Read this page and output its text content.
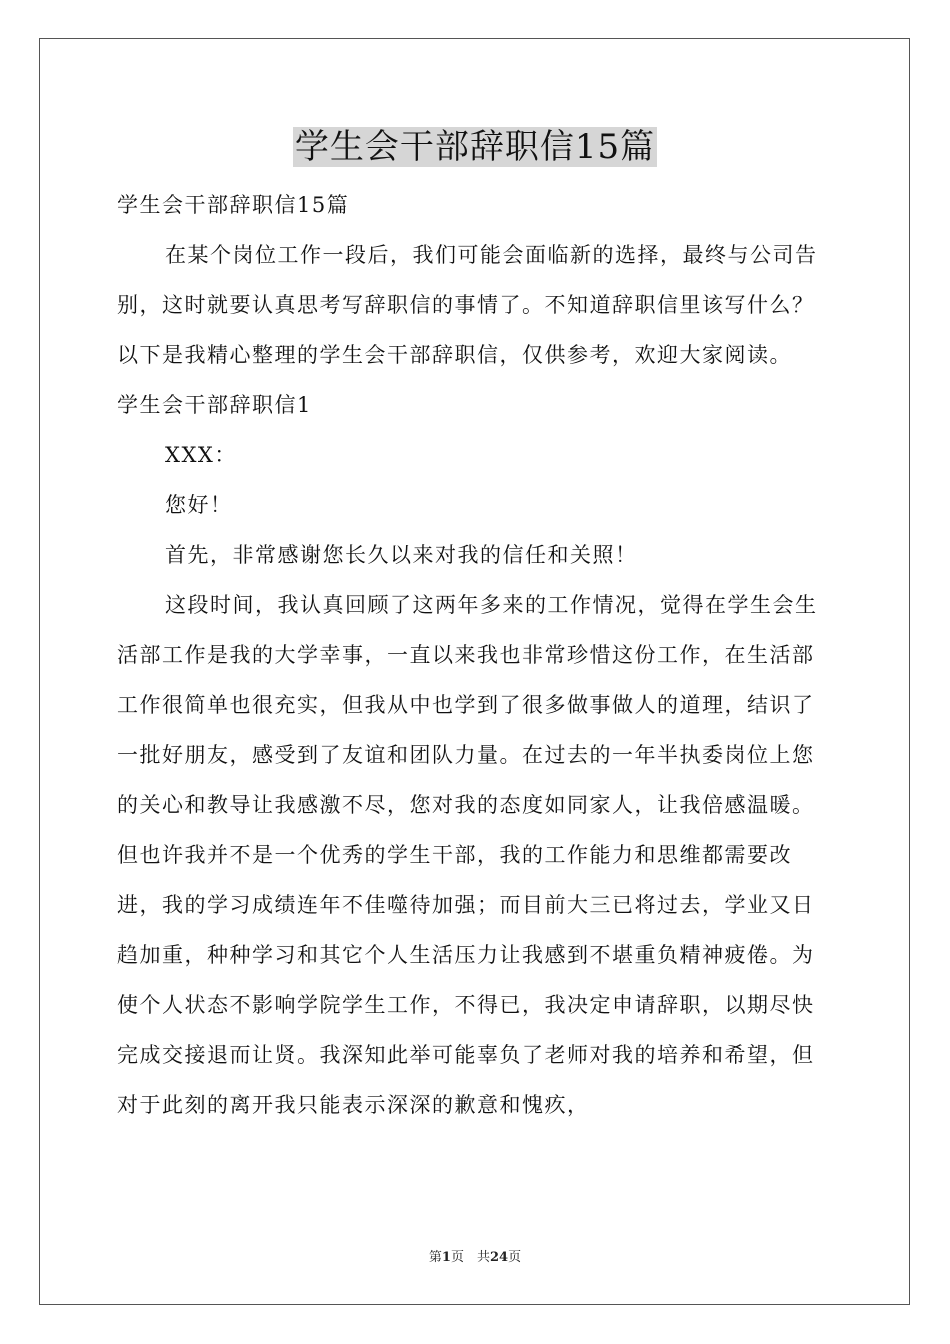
学生会干部辞职信15篇

学生会干部辞职信15篇

在某个岗位工作一段后，我们可能会面临新的选择，最终与公司告别，这时就要认真思考写辞职信的事情了。不知道辞职信里该写什么？以下是我精心整理的学生会干部辞职信，仅供参考，欢迎大家阅读。

学生会干部辞职信1

XXX：

您好！

首先，非常感谢您长久以来对我的信任和关照！

这段时间，我认真回顾了这两年多来的工作情况，觉得在学生会生活部工作是我的大学幸事，一直以来我也非常珍惜这份工作，在生活部工作很简单也很充实，但我从中也学到了很多做事做人的道理，结识了一批好朋友，感受到了友谊和团队力量。在过去的一年半执委岗位上您的关心和教导让我感激不尽，您对我的态度如同家人，让我倍感温暖。但也许我并不是一个优秀的学生干部，我的工作能力和思维都需要改进，我的学习成绩连年不佳噬待加强；而目前大三已将过去，学业又日趋加重，种种学习和其它个人生活压力让我感到不堪重负精神疲倦。为使个人状态不影响学院学生工作，不得已，我决定申请辞职，以期尽快完成交接退而让贤。我深知此举可能辜负了老师对我的培养和希望，但对于此刻的离开我只能表示深深的歉意和愧疚，

第1页　共24页
